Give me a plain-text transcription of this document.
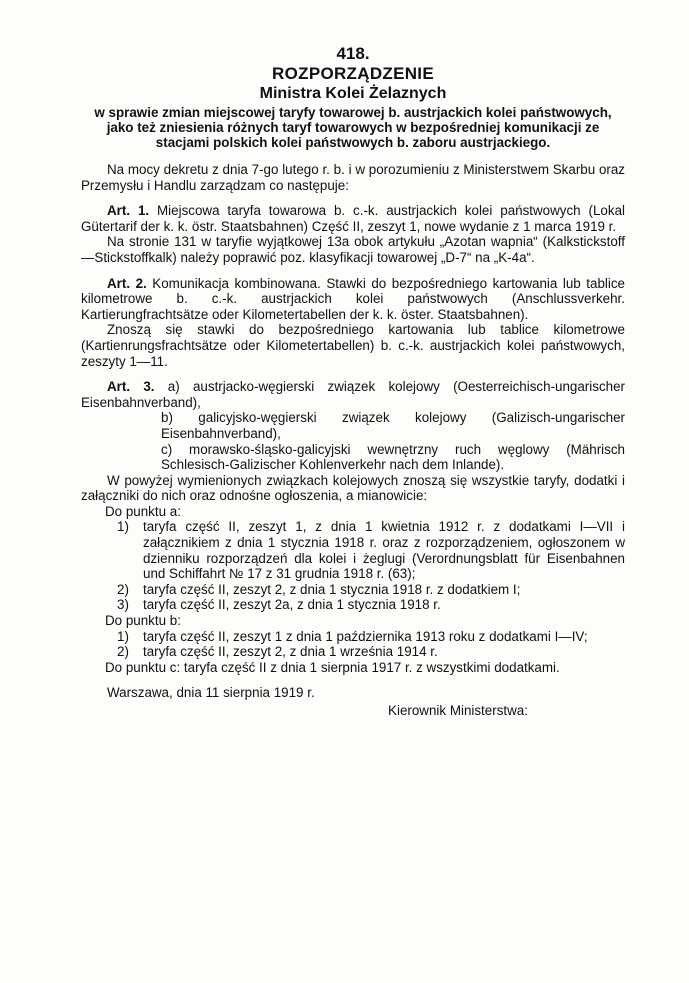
418.
ROZPORZĄDZENIE
Ministra Kolei Żelaznych
w sprawie zmian miejscowej taryfy towarowej b. austrjackich kolei państwowych, jako też zniesienia różnych taryf towarowych w bezpośredniej komunikacji ze stacjami polskich kolei państwowych b. zaboru austrjackiego.

Na mocy dekretu z dnia 7-go lutego r. b. i w porozumieniu z Ministerstwem Skarbu oraz Przemysłu i Handlu zarządzam co następuje:

Art. 1. Miejscowa taryfa towarowa b. c.-k. austrjackich kolei państwowych (Lokal Gütertarif der k. k. östr. Staatsbahnen) Część II, zeszyt 1, nowe wydanie z 1 marca 1919 r.

Na stronie 131 w taryfie wyjątkowej 13a obok artykułu „Azotan wapnia“ (Kalkstickstoff—Stickstoffkalk) należy poprawić poz. klasyfikacji towarowej „D-7“ na „K-4a“.

Art. 2. Komunikacja kombinowana. Stawki do bezpośredniego kartowania lub tablice kilometrowe b. c.-k. austrjackich kolei państwowych (Anschlussverkehr. Kartierungfrachtsätze oder Kilometertabellen der k. k. öster. Staatsbahnen).

Znoszą się stawki do bezpośredniego kartowania lub tablice kilometrowe (Kartienrungsfrachtsätze oder Kilometertabellen) b. c.-k. austrjackich kolei państwowych, zeszyty 1—11.

Art. 3. a) austrjacko-węgierski związek kolejowy (Oesterreichisch-ungarischer Eisenbahnverband),

b) galicyjsko-węgierski związek kolejowy (Galizisch-ungarischer Eisenbahnverband),

c) morawsko-śląsko-galicyjski wewnętrzny ruch węglowy (Mährisch Schlesisch-Galizischer Kohlenverkehr nach dem Inlande).

W powyżej wymienionych związkach kolejowych znoszą się wszystkie taryfy, dodatki i załączniki do nich oraz odnośne ogłoszenia, a mianowicie:

Do punktu a:
1) taryfa część II, zeszyt 1, z dnia 1 kwietnia 1912 r. z dodatkami I—VII i załącznikiem z dnia 1 stycznia 1918 r. oraz z rozporządzeniem, ogłoszonem w dzienniku rozporządzeń dla kolei i żeglugi (Verordnungsblatt für Eisenbahnen und Schiffahrt № 17 z 31 grudnia 1918 r. (63);
2) taryfa część II, zeszyt 2, z dnia 1 stycznia 1918 r. z dodatkiem I;
3) taryfa część II, zeszyt 2a, z dnia 1 stycznia 1918 r.
Do punktu b:
1) taryfa część II, zeszyt 1 z dnia 1 października 1913 roku z dodatkami I—IV;
2) taryfa część II, zeszyt 2, z dnia 1 września 1914 r.

Do punktu c: taryfa część II z dnia 1 sierpnia 1917 r. z wszystkimi dodatkami.

Warszawa, dnia 11 sierpnia 1919 r.

Kierownik Ministerstwa:
